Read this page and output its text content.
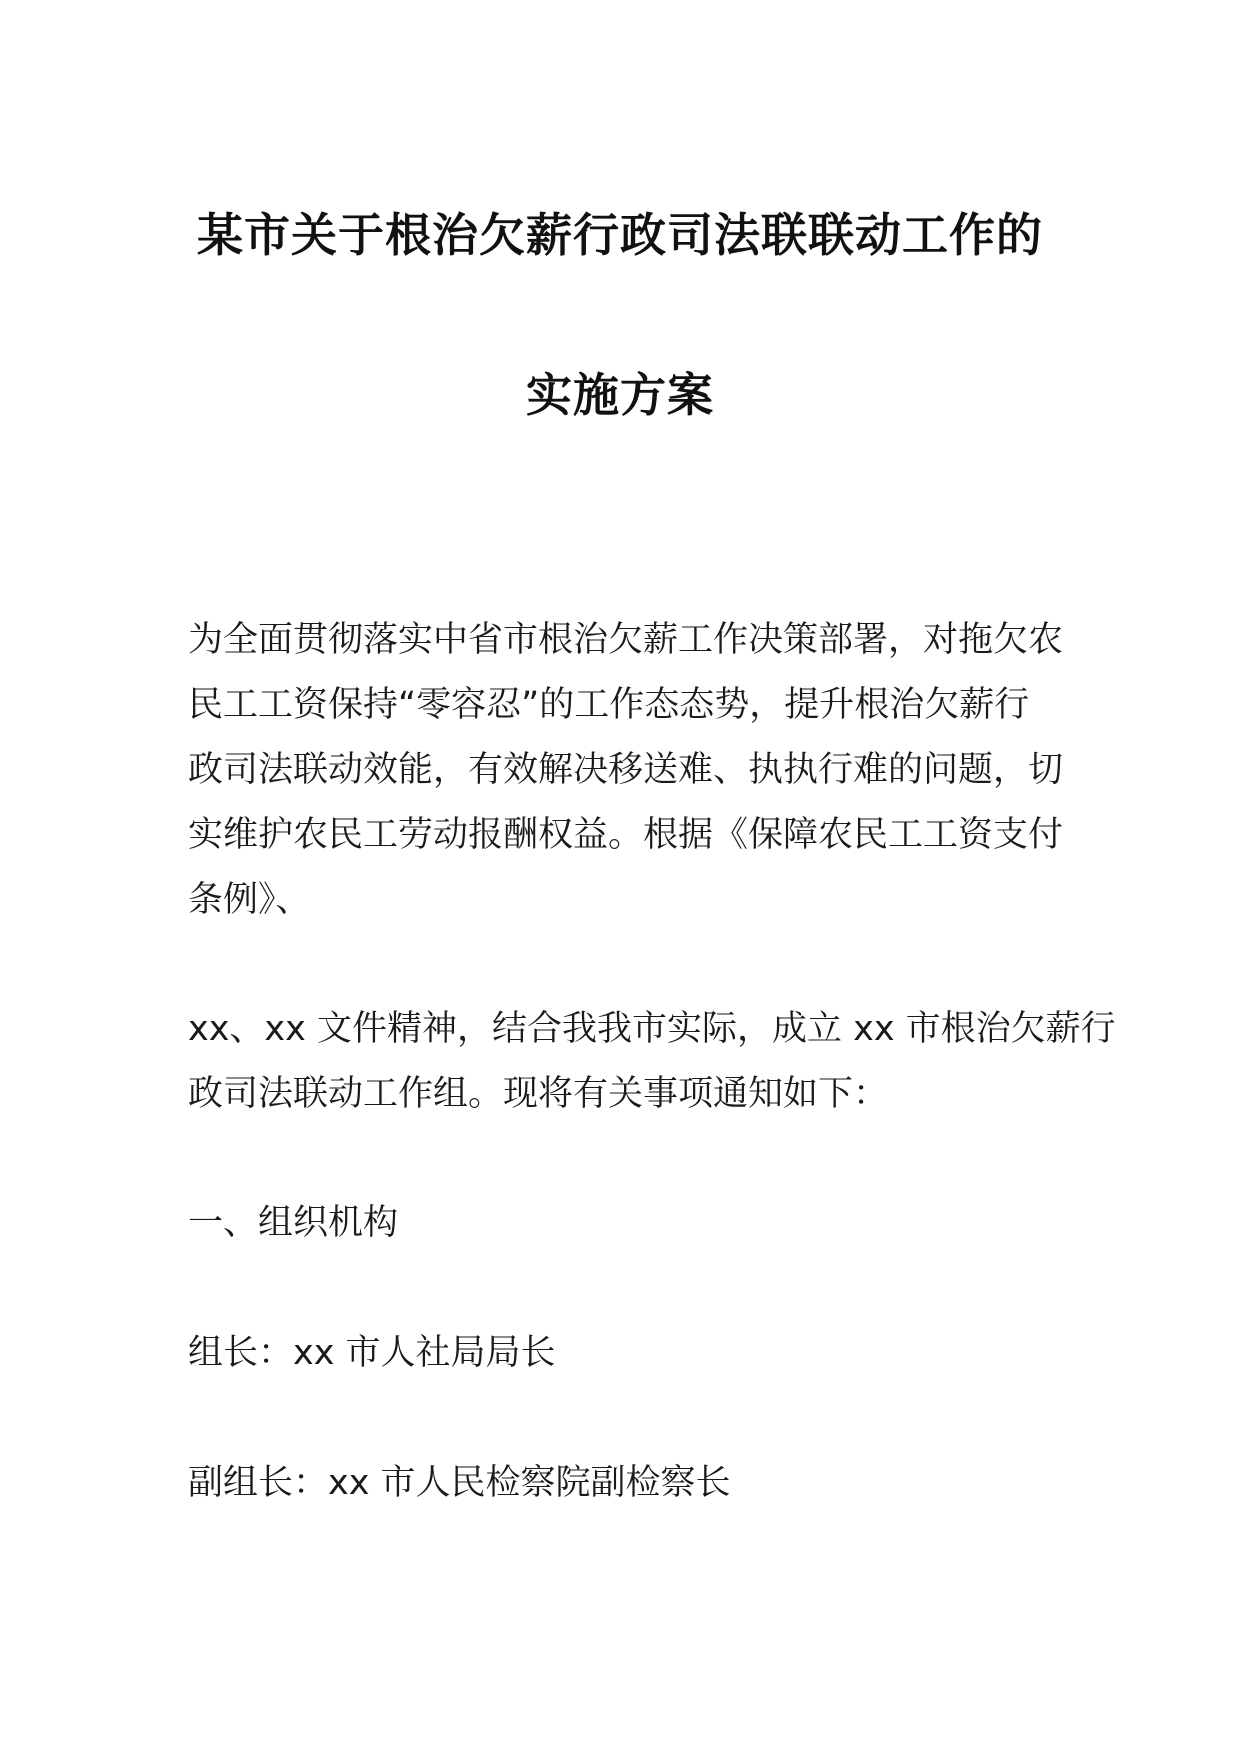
某市关于根治欠薪行政司法联联动工作的
实施方案
为全面贯彻落实中省市根治欠薪工作决策部署，对拖欠农
民工工资保持“零容忍”的工作态态势，提升根治欠薪行
政司法联动效能，有效解决移送难、执执行难的问题，切
实维护农民工劳动报酬权益。根据《保障农民工工资支付
条例》、
xx、xx 文件精神，结合我我市实际，成立 xx 市根治欠薪行
政司法联动工作组。现将有关事项通知如下：
一、组织机构
组长：xx 市人社局局长
副组长：xx 市人民检察院副检察长
